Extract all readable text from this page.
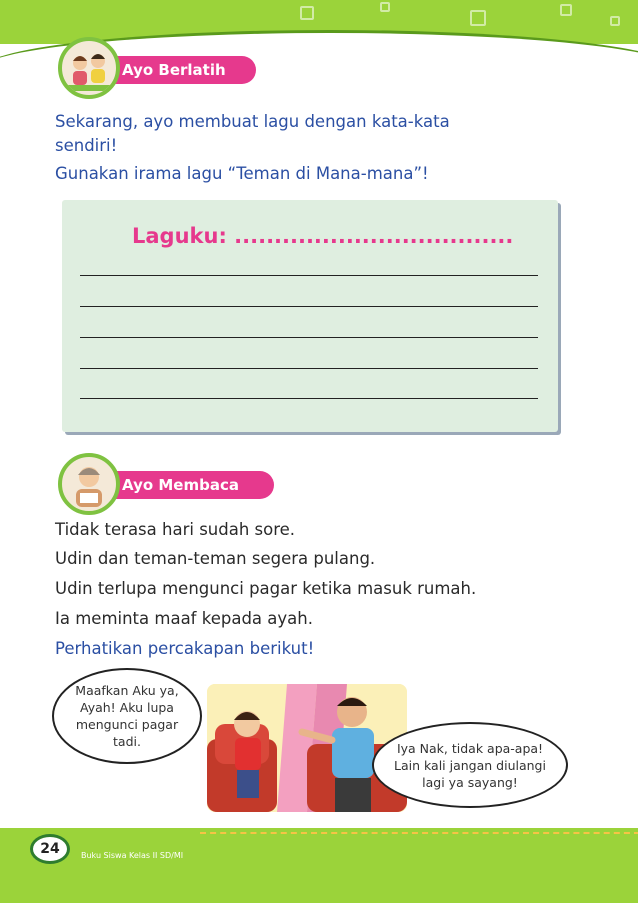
Ayo Berlatih
Sekarang, ayo membuat lagu dengan kata-kata
sendiri!
Gunakan irama lagu “Teman di Mana-mana”!
Laguku: ...................................
Ayo Membaca
Tidak terasa hari sudah sore.
Udin dan teman-teman segera pulang.
Udin terlupa mengunci pagar ketika masuk rumah.
Ia meminta maaf kepada ayah.
Perhatikan percakapan berikut!
Maafkan Aku ya,
Ayah! Aku lupa
mengunci pagar
tadi.	Iya Nak, tidak apa-apa!
Lain kali jangan diulangi
lagi ya sayang!
24	Buku Siswa Kelas II SD/MI
